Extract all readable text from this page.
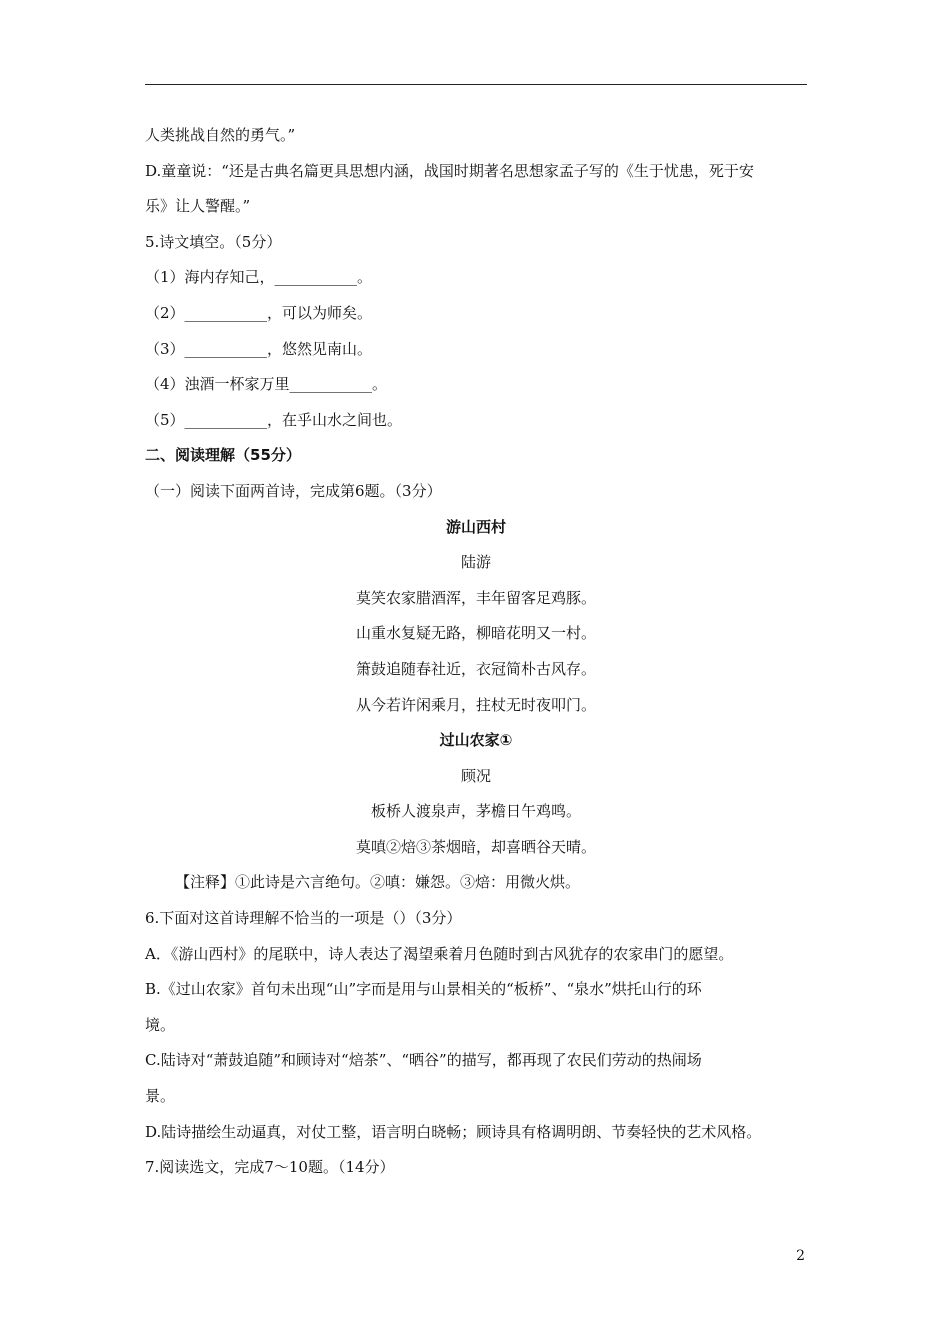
人类挑战自然的勇气。”
D.童童说：“还是古典名篇更具思想内涵，战国时期著名思想家孟子写的《生于忧患，死于安
乐》让人警醒。”
5.诗文填空。（5分）
（1）海内存知己，___________。
（2）___________，可以为师矣。
（3）___________，悠然见南山。
（4）浊酒一杯家万里___________。
（5）___________，在乎山水之间也。
二、阅读理解（55分）
（一）阅读下面两首诗，完成第6题。（3分）
游山西村
陆游
莫笑农家腊酒浑，丰年留客足鸡豚。
山重水复疑无路，柳暗花明又一村。
箫鼓追随春社近，衣冠简朴古风存。
从今若许闲乘月，拄杖无时夜叩门。
过山农家①
顾况
板桥人渡泉声，茅檐日午鸡鸣。
莫嗔②焙③茶烟暗，却喜晒谷天晴。
【注释】①此诗是六言绝句。②嗔：嫌怨。③焙：用微火烘。
6.下面对这首诗理解不恰当的一项是（）（3分）
A．《游山西村》的尾联中，诗人表达了渴望乘着月色随时到古风犹存的农家串门的愿望。
B.《过山农家》首句未出现“山”字而是用与山景相关的“板桥”、“泉水”烘托山行的环
境。
C.陆诗对“萧鼓追随”和顾诗对“焙茶”、“晒谷”的描写，都再现了农民们劳动的热闹场
景。
D.陆诗描绘生动逼真，对仗工整，语言明白晓畅；顾诗具有格调明朗、节奏轻快的艺术风格。
7.阅读选文，完成7～10题。（14分）
2
